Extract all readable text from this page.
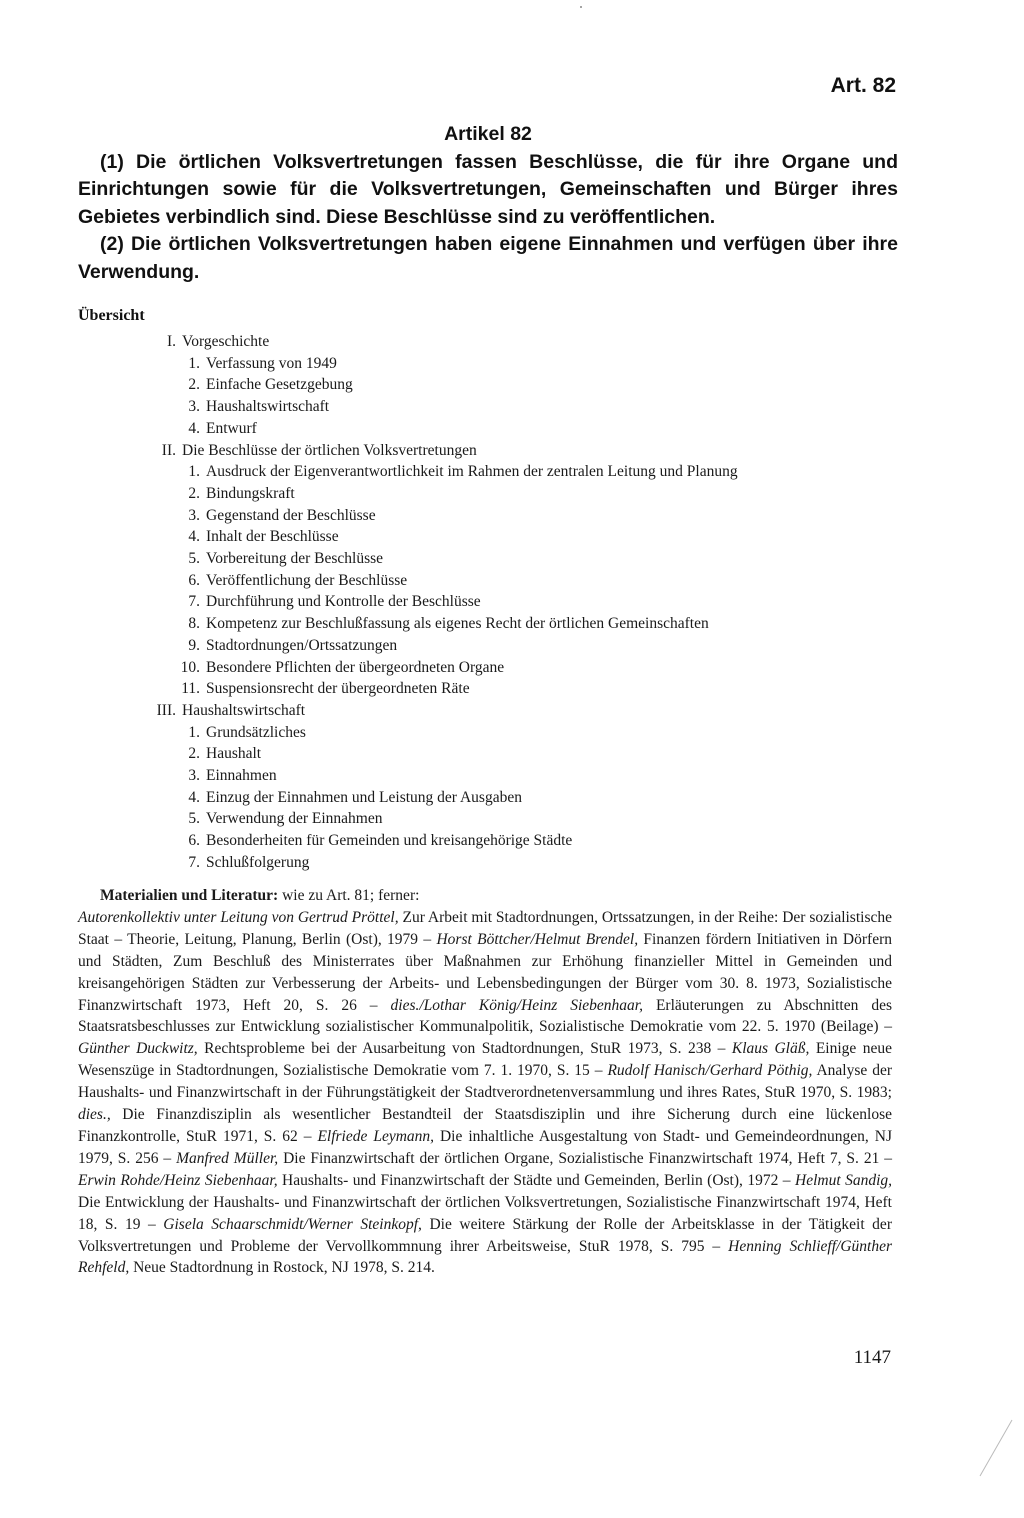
Art. 82
Artikel 82

(1) Die örtlichen Volksvertretungen fassen Beschlüsse, die für ihre Organe und Einrichtungen sowie für die Volksvertretungen, Gemeinschaften und Bürger ihres Gebietes verbindlich sind. Diese Beschlüsse sind zu veröffentlichen.

(2) Die örtlichen Volksvertretungen haben eigene Einnahmen und verfügen über ihre Verwendung.

Übersicht
I. Vorgeschichte
1. Verfassung von 1949
2. Einfache Gesetzgebung
3. Haushaltswirtschaft
4. Entwurf
II. Die Beschlüsse der örtlichen Volksvertretungen
1. Ausdruck der Eigenverantwortlichkeit im Rahmen der zentralen Leitung und Planung
2. Bindungskraft
3. Gegenstand der Beschlüsse
4. Inhalt der Beschlüsse
5. Vorbereitung der Beschlüsse
6. Veröffentlichung der Beschlüsse
7. Durchführung und Kontrolle der Beschlüsse
8. Kompetenz zur Beschlußfassung als eigenes Recht der örtlichen Gemeinschaften
9. Stadtordnungen/Ortssatzungen
10. Besondere Pflichten der übergeordneten Organe
11. Suspensionsrecht der übergeordneten Räte
III. Haushaltswirtschaft
1. Grundsätzliches
2. Haushalt
3. Einnahmen
4. Einzug der Einnahmen und Leistung der Ausgaben
5. Verwendung der Einnahmen
6. Besonderheiten für Gemeinden und kreisangehörige Städte
7. Schlußfolgerung
Materialien und Literatur: wie zu Art. 81; ferner:
Autorenkollektiv unter Leitung von Gertrud Pröttel, Zur Arbeit mit Stadtordnungen, Ortssatzungen, in der Reihe: Der sozialistische Staat – Theorie, Leitung, Planung, Berlin (Ost), 1979 – Horst Böttcher/Helmut Brendel, Finanzen fördern Initiativen in Dörfern und Städten, Zum Beschluß des Ministerrates über Maßnahmen zur Erhöhung finanzieller Mittel in Gemeinden und kreisangehörigen Städten zur Verbesserung der Arbeits- und Lebensbedingungen der Bürger vom 30. 8. 1973, Sozialistische Finanzwirtschaft 1973, Heft 20, S. 26 – dies./Lothar König/Heinz Siebenhaar, Erläuterungen zu Abschnitten des Staatsratsbeschlusses zur Entwicklung sozialistischer Kommunalpolitik, Sozialistische Demokratie vom 22. 5. 1970 (Beilage) – Günther Duckwitz, Rechtsprobleme bei der Ausarbeitung von Stadtordnungen, StuR 1973, S. 238 – Klaus Gläß, Einige neue Wesenszüge in Stadtordnungen, Sozialistische Demokratie vom 7. 1. 1970, S. 15 – Rudolf Hanisch/Gerhard Pöthig, Analyse der Haushalts- und Finanzwirtschaft in der Führungstätigkeit der Stadtverordnetenversammlung und ihres Rates, StuR 1970, S. 1983; dies., Die Finanzdisziplin als wesentlicher Bestandteil der Staatsdisziplin und ihre Sicherung durch eine lückenlose Finanzkontrolle, StuR 1971, S. 62 – Elfriede Leymann, Die inhaltliche Ausgestaltung von Stadt- und Gemeindeordnungen, NJ 1979, S. 256 – Manfred Müller, Die Finanzwirtschaft der örtlichen Organe, Sozialistische Finanzwirtschaft 1974, Heft 7, S. 21 – Erwin Rohde/Heinz Siebenhaar, Haushalts- und Finanzwirtschaft der Städte und Gemeinden, Berlin (Ost), 1972 – Helmut Sandig, Die Entwicklung der Haushalts- und Finanzwirtschaft der örtlichen Volksvertretungen, Sozialistische Finanzwirtschaft 1974, Heft 18, S. 19 – Gisela Schaarschmidt/Werner Steinkopf, Die weitere Stärkung der Rolle der Arbeitsklasse in der Tätigkeit der Volksvertretungen und Probleme der Vervollkommnung ihrer Arbeitsweise, StuR 1978, S. 795 – Henning Schlieff/Günther Rehfeld, Neue Stadtordnung in Rostock, NJ 1978, S. 214.
1147
